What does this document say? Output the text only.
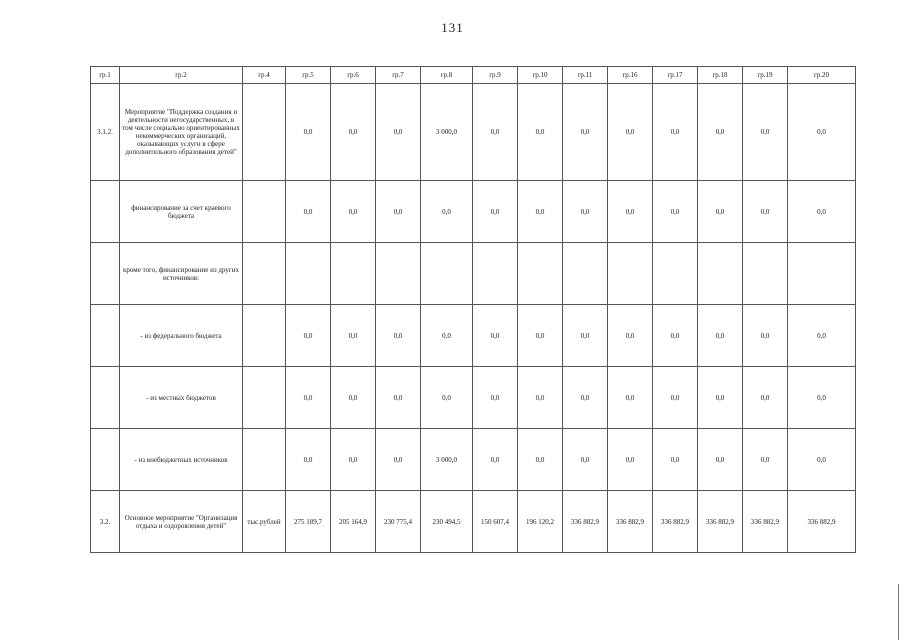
131
гр.1	гр.2	гр.4	гр.5	гр.6	гр.7	гр.8	гр.9	гр.10	гр.11	гр.16	гр.17	гр.18	гр.19	гр.20
3.1.2.	Мероприятие "Поддержка создания и деятельности негосударственных, в том числе социально ориентированных некоммерческих организаций, оказывающих услуги в сфере дополнительного образования детей"		0,0	0,0	0,0	3 000,0	0,0	0,0	0,0	0,0	0,0	0,0	0,0	0,0
	финансирование за счет краевого бюджета		0,0	0,0	0,0	0,0	0,0	0,0	0,0	0,0	0,0	0,0	0,0	0,0
	кроме того, финансирование из других источников:													
	- из федерального бюджета		0,0	0,0	0,0	0,0	0,0	0,0	0,0	0,0	0,0	0,0	0,0	0,0
	- из местных бюджетов		0,0	0,0	0,0	0,0	0,0	0,0	0,0	0,0	0,0	0,0	0,0	0,0
	- из внебюджетных источников		0,0	0,0	0,0	3 000,0	0,0	0,0	0,0	0,0	0,0	0,0	0,0	0,0
3.2.	Основное мероприятие "Организация отдыха и оздоровления детей"	тыс.рублей	275 189,7	205 164,9	230 775,4	230 494,5	150 607,4	196 120,2	336 882,9	336 882,9	336 882,9	336 882,9	336 882,9	336 882,9
